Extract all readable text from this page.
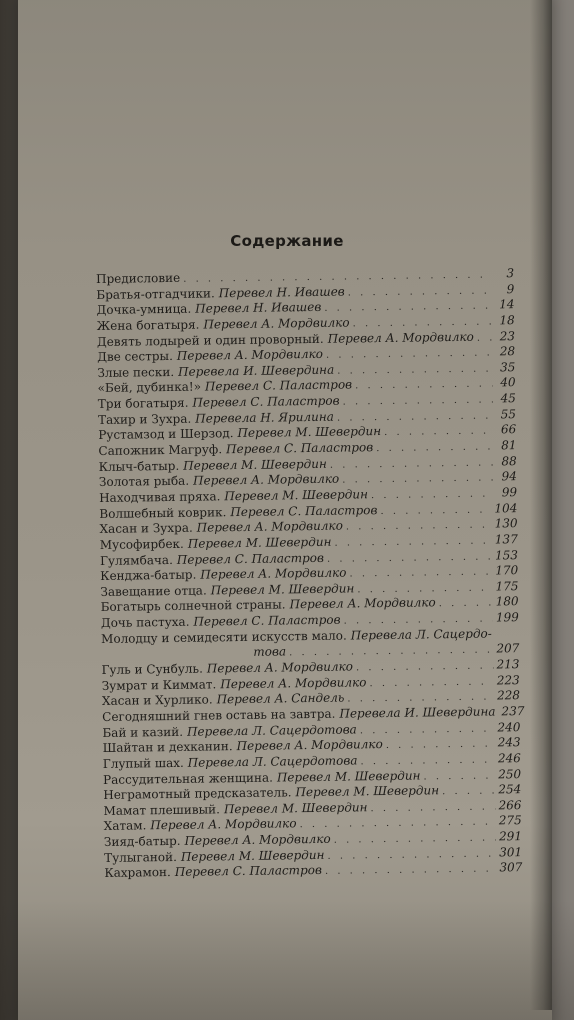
Содержание
Предисловие . . .	3
Братья-отгадчики. Перевел Н. Ивашев . . .	9
Дочка-умница. Перевел Н. Ивашев . . .	14
Жена богатыря. Перевел А. Мордвилко . . .	18
Девять лодырей и один проворный. Перевел А. Мордвилко . . .	23
Две сестры. Перевел А. Мордвилко . . .	28
Злые пески. Перевела И. Шевердина . . .	35
«Бей, дубинка!» Перевел С. Паластров . . .	40
Три богатыря. Перевел С. Паластров . . .	45
Тахир и Зухра. Перевела Н. Ярилина . . .	55
Рустамзод и Шерзод. Перевел М. Шевердин . . .	66
Сапожник Магруф. Перевел С. Паластров . . .	81
Клыч-батыр. Перевел М. Шевердин . . .	88
Золотая рыба. Перевел А. Мордвилко . . .	94
Находчивая пряха. Перевел М. Шевердин . . .	99
Волшебный коврик. Перевел С. Паластров . . .	104
Хасан и Зухра. Перевел А. Мордвилко . . .	130
Мусофирбек. Перевел М. Шевердин . . .	137
Гулямбача. Перевел С. Паластров . . .	153
Кенджа-батыр. Перевел А. Мордвилко . . .	170
Завещание отца. Перевел М. Шевердин . . .	175
Богатырь солнечной страны. Перевел А. Мордвилко . . .	180
Дочь пастуха. Перевел С. Паластров . . .	199
Молодцу и семидесяти искусств мало. Перевела Л. Сацердо-
това . . .	207
Гуль и Сунбуль. Перевел А. Мордвилко . . .	213
Зумрат и Киммат. Перевел А. Мордвилко . . .	223
Хасан и Хурлико. Перевел А. Сандель . . .	228
Сегодняшний гнев оставь на завтра. Перевела И. Шевердина . . . 237
Бай и казий. Перевела Л. Сацердотова . . .	240
Шайтан и дехканин. Перевел А. Мордвилко . . .	243
Глупый шах. Перевела Л. Сацердотова . . .	246
Рассудительная женщина. Перевел М. Шевердин . . .	250
Неграмотный предсказатель. Перевел М. Шевердин . . .	254
Мамат плешивый. Перевел М. Шевердин . . .	266
Хатам. Перевел А. Мордвилко . . .	275
Зияд-батыр. Перевел А. Мордвилко . . .	291
Тулыганой. Перевел М. Шевердин . . .	301
Кахрамон. Перевел С. Паластров . . .	307
